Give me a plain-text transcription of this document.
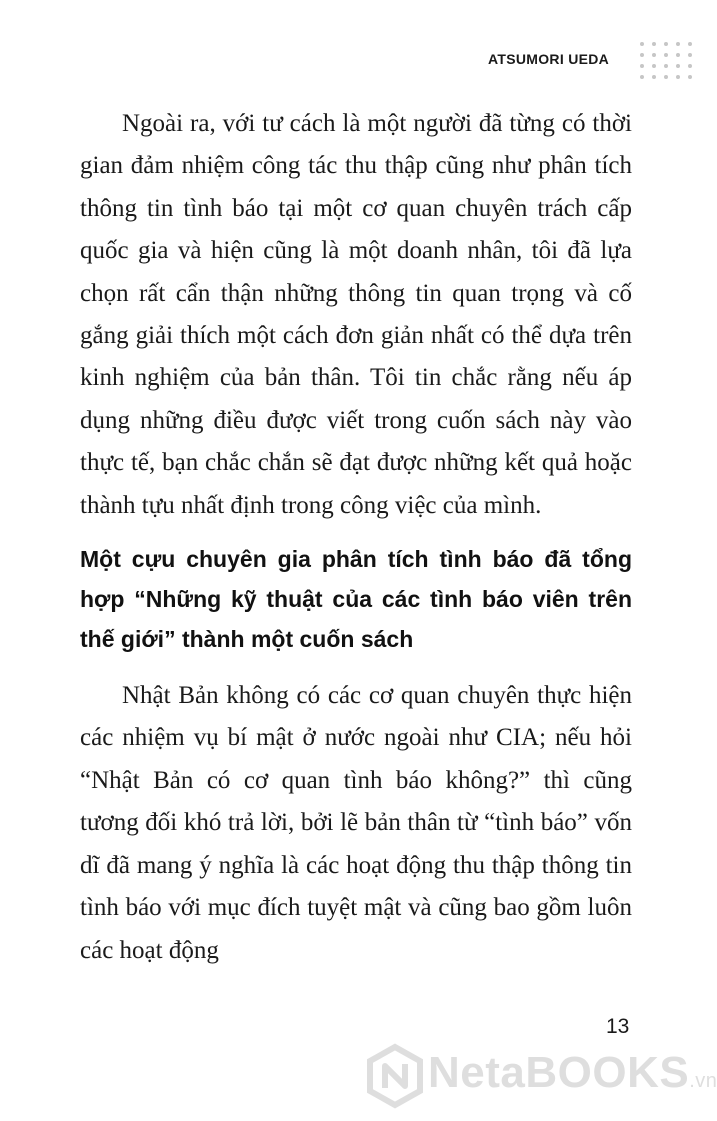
ATSUMORI UEDA

Ngoài ra, với tư cách là một người đã từng có thời gian đảm nhiệm công tác thu thập cũng như phân tích thông tin tình báo tại một cơ quan chuyên trách cấp quốc gia và hiện cũng là một doanh nhân, tôi đã lựa chọn rất cẩn thận những thông tin quan trọng và cố gắng giải thích một cách đơn giản nhất có thể dựa trên kinh nghiệm của bản thân. Tôi tin chắc rằng nếu áp dụng những điều được viết trong cuốn sách này vào thực tế, bạn chắc chắn sẽ đạt được những kết quả hoặc thành tựu nhất định trong công việc của mình.

Một cựu chuyên gia phân tích tình báo đã tổng hợp “Những kỹ thuật của các tình báo viên trên thế giới” thành một cuốn sách

Nhật Bản không có các cơ quan chuyên thực hiện các nhiệm vụ bí mật ở nước ngoài như CIA; nếu hỏi “Nhật Bản có cơ quan tình báo không?” thì cũng tương đối khó trả lời, bởi lẽ bản thân từ “tình báo” vốn dĩ đã mang ý nghĩa là các hoạt động thu thập thông tin tình báo với mục đích tuyệt mật và cũng bao gồm luôn các hoạt động

13
NetaBOOKS.vn
